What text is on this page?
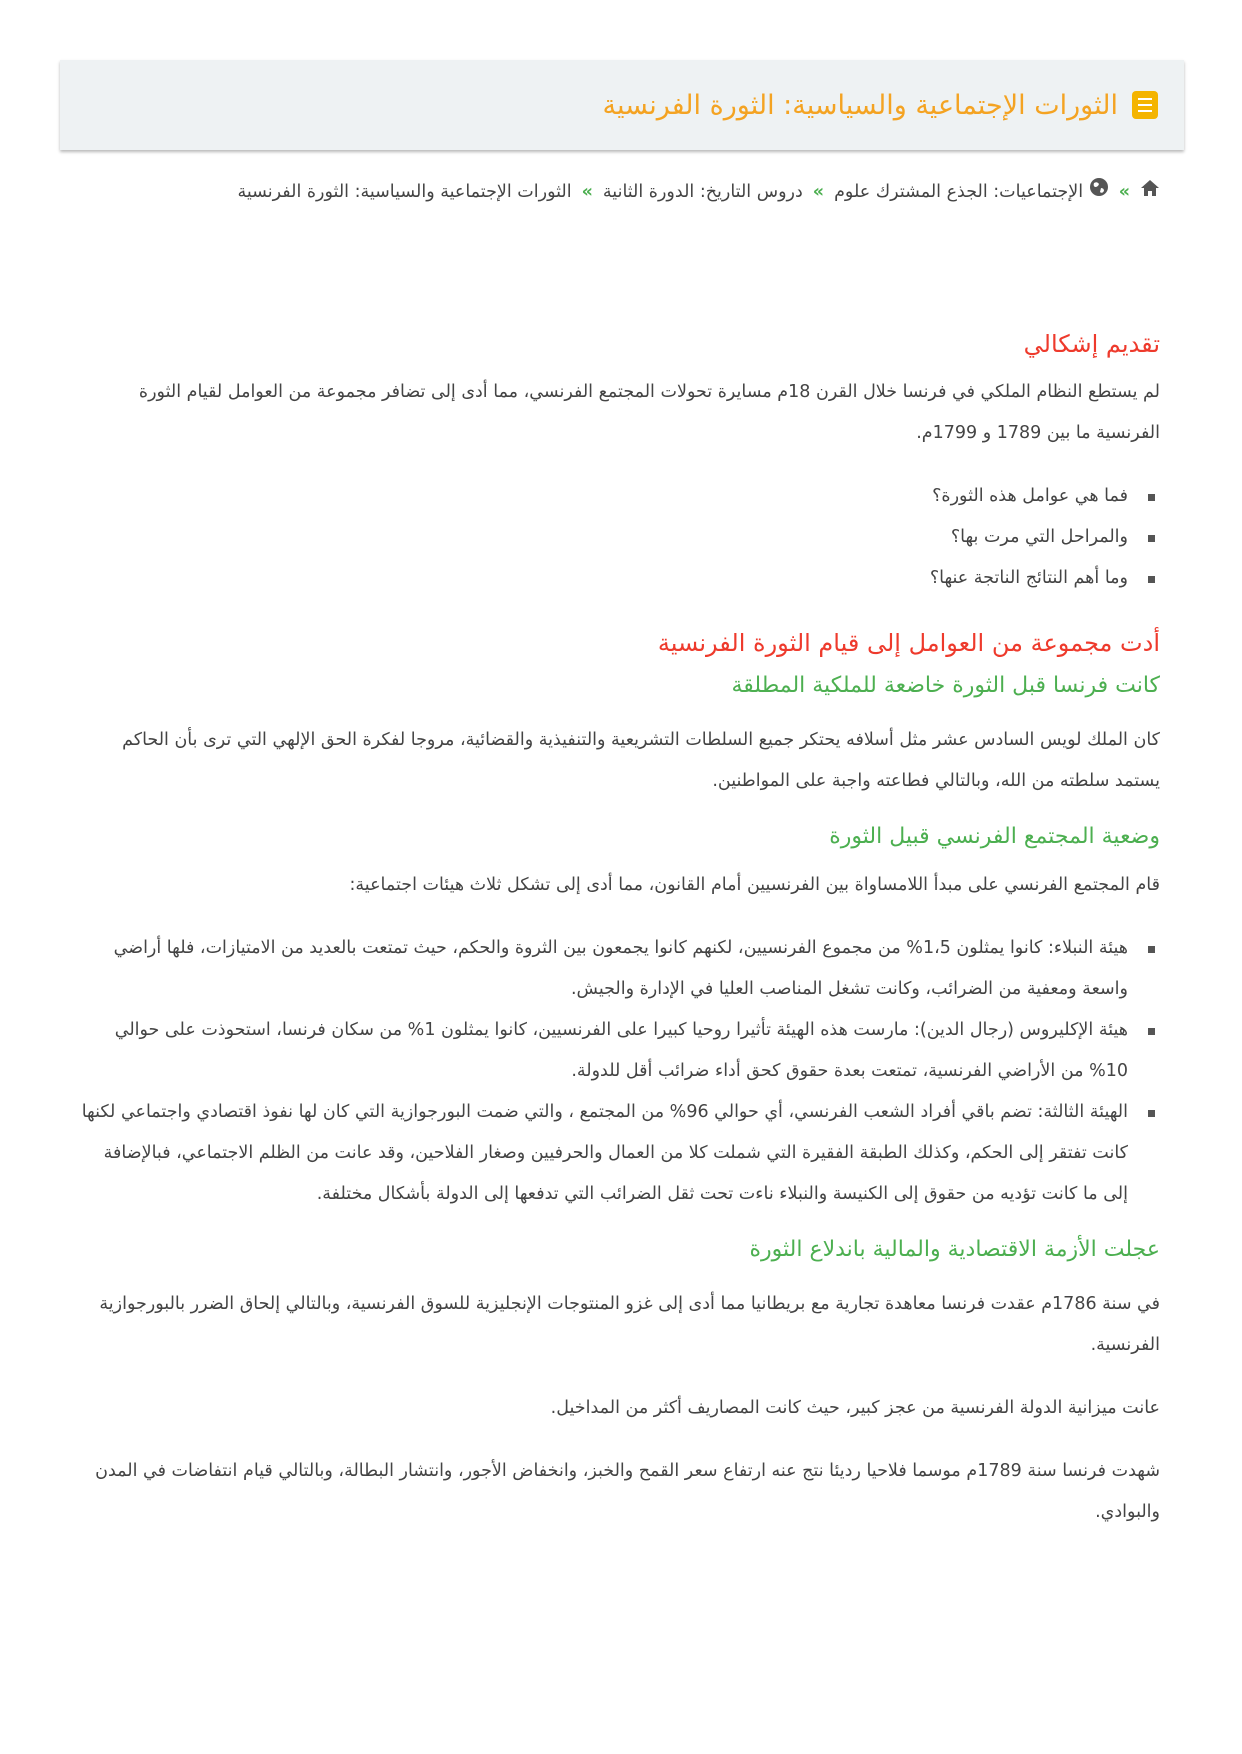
الثورات الإجتماعية والسياسية: الثورة الفرنسية
» الإجتماعيات: الجذع المشترك علوم»دروس التاريخ: الدورة الثانية»الثورات الإجتماعية والسياسية: الثورة الفرنسية
تقديم إشكالي

لم يستطع النظام الملكي في فرنسا خلال القرن 18م مسايرة تحولات المجتمع الفرنسي، مما أدى إلى تضافر مجموعة من العوامل لقيام الثورة الفرنسية ما بين 1789 و 1799م.

فما هي عوامل هذه الثورة؟
والمراحل التي مرت بها؟
وما أهم النتائج الناتجة عنها؟
أدت مجموعة من العوامل إلى قيام الثورة الفرنسية
كانت فرنسا قبل الثورة خاضعة للملكية المطلقة

كان الملك لويس السادس عشر مثل أسلافه يحتكر جميع السلطات التشريعية والتنفيذية والقضائية، مروجا لفكرة الحق الإلهي التي ترى بأن الحاكم يستمد سلطته من الله، وبالتالي فطاعته واجبة على المواطنين.

وضعية المجتمع الفرنسي قبيل الثورة

قام المجتمع الفرنسي على مبدأ اللامساواة بين الفرنسيين أمام القانون، مما أدى إلى تشكل ثلاث هيئات اجتماعية:

هيئة النبلاء: كانوا يمثلون 1،5% من مجموع الفرنسيين، لكنهم كانوا يجمعون بين الثروة والحكم، حيث تمتعت بالعديد من الامتيازات، فلها أراضي واسعة ومعفية من الضرائب، وكانت تشغل المناصب العليا في الإدارة والجيش.
هيئة الإكليروس (رجال الدين): مارست هذه الهيئة تأثيرا روحيا كبيرا على الفرنسيين، كانوا يمثلون 1% من سكان فرنسا، استحوذت على حوالي 10% من الأراضي الفرنسية، تمتعت بعدة حقوق كحق أداء ضرائب أقل للدولة.
الهيئة الثالثة: تضم باقي أفراد الشعب الفرنسي، أي حوالي 96% من المجتمع ، والتي ضمت البورجوازية التي كان لها نفوذ اقتصادي واجتماعي لكنها كانت تفتقر إلى الحكم، وكذلك الطبقة الفقيرة التي شملت كلا من العمال والحرفيين وصغار الفلاحين، وقد عانت من الظلم الاجتماعي، فبالإضافة إلى ما كانت تؤديه من حقوق إلى الكنيسة والنبلاء ناءت تحت ثقل الضرائب التي تدفعها إلى الدولة بأشكال مختلفة.
عجلت الأزمة الاقتصادية والمالية باندلاع الثورة

في سنة 1786م عقدت فرنسا معاهدة تجارية مع بريطانيا مما أدى إلى غزو المنتوجات الإنجليزية للسوق الفرنسية، وبالتالي إلحاق الضرر بالبورجوازية الفرنسية.

عانت ميزانية الدولة الفرنسية من عجز كبير، حيث كانت المصاريف أكثر من المداخيل.

شهدت فرنسا سنة 1789م موسما فلاحيا رديئا نتج عنه ارتفاع سعر القمح والخبز، وانخفاض الأجور، وانتشار البطالة، وبالتالي قيام انتفاضات في المدن والبوادي.
